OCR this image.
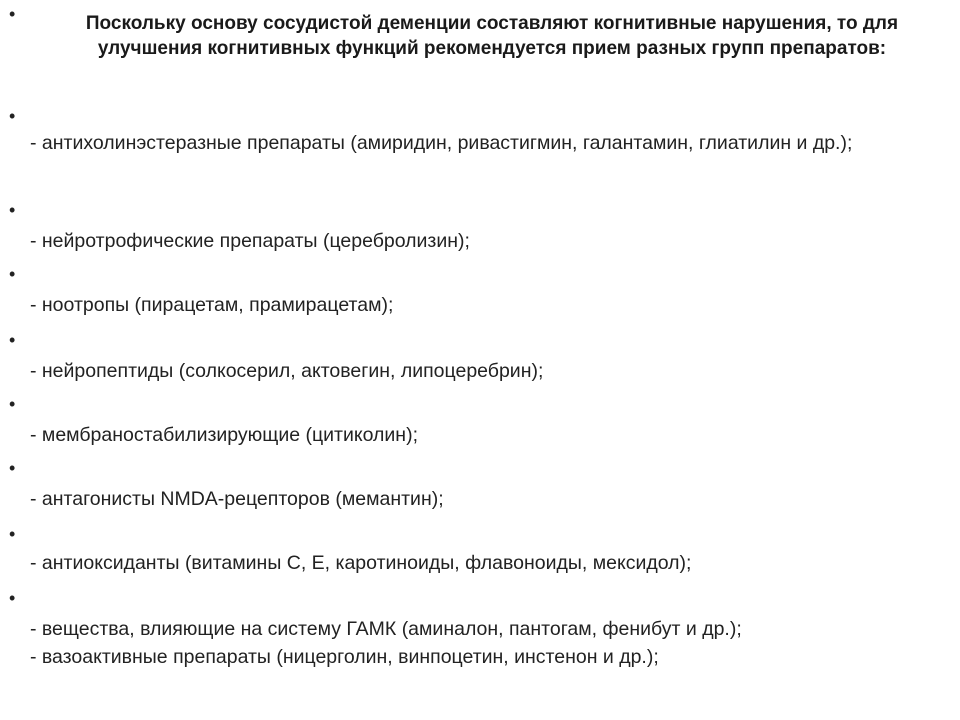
•	Поскольку основу сосудистой деменции составляют когнитивные нарушения, то для улучшения когнитивных функций рекомендуется прием разных групп препаратов:
•
- антихолинэстеразные препараты (амиридин, ривастигмин, галантамин, глиатилин и др.);
•
- нейротрофические препараты (церебролизин);
•
- ноотропы (пирацетам, прамирацетам);
•
- нейропептиды (солкосерил, актовегин, липоцеребрин);
•
- мембраностабилизирующие (цитиколин);
•
- антагонисты NMDA-рецепторов (мемантин);
•
- антиоксиданты (витамины С, Е, каротиноиды, флавоноиды, мексидол);
•
- вещества, влияющие на систему ГАМК (аминалон, пантогам, фенибут и др.);
- вазоактивные препараты (ницерголин, винпоцетин, инстенон и др.);
